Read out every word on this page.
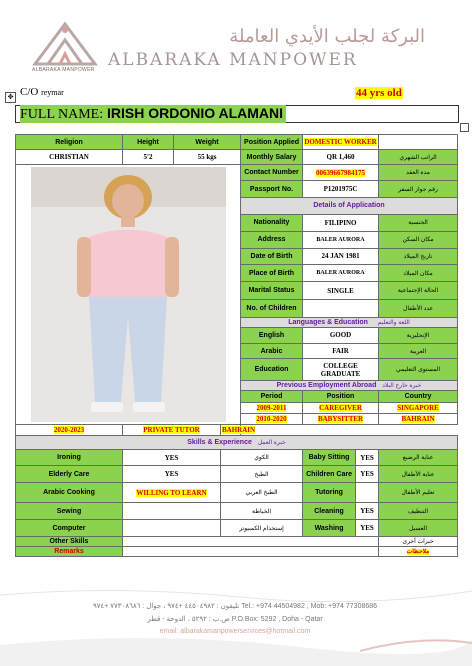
ALBARAKA MANPOWER
البركة لجلب الأيدي العاملة
ALBARAKA MANPOWER
✥ C/O reymar	44 yrs old
FULL NAME: IRISH ORDONIO ALAMANI
Religion	Height	Weight		Position Applied	DOMESTIC WORKER		
CHRISTIAN	5'2	55 kgs		Monthly Salary	QR 1,460		الراتب الشهري

	Contact Number	00639667984175		مدة العقد
				Passport No.	P1201975C		رقم جواز السفر
				Details of Application			
				Nationality	FILIPINO		الجنسية
				Address	BALER AURORA		مكان السكن
				Date of Birth	24 JAN 1981		تاريخ الميلاد
				Place of Birth	BALER AURORA		مكان الميلاد
				Marital Status	SINGLE		الحالة الإجتماعية
				No. of Children			عدد الأطفال
				Languages & Education اللغة والتعليم			
				English	GOOD		الإنجليزية
				Arabic	FAIR		العربية
				Education	COLLEGE GRADUATE		المستوى التعليمي
				Previous Employment Abroad خبرة خارج البلاد			
				Period	Position		Country
				2009-2011	CAREGIVER		SINGAPORE
				2010-2020	BABYSITTER		BAHRAIN
2020-2023	PRIVATE TUTOR		BAHRAIN				
Skills & Experience خبرة العمل							
Ironing	YES		الكوي		Baby Sitting	YES	عناية الرضيع
Elderly Care	YES		الطبخ		Children Care	YES	عناية الأطفال
Arabic Cooking	WILLING TO LEARN		الطبخ العربي		Tutoring		تعليم الأطفال
Sewing			الخياطة		Cleaning	YES	التنظيف
Computer			إستخدام الكمبيوتر		Washing	YES	الغسيل
Other Skills							خبرات أخرى
Remarks							ملاحظات
تليفون : ٤٤٥٠٤٩٨٢ +٩٧٤ ، جوال : ٧٧٣٠٨٦٨٦ +٩٧٤ Tel.: +974 44504982 , Mob: +974 77308686
ص.ب : ٥٢٩٢ ، الدوحة - قطر P.O.Box: 5292 , Doha - Qatar
email: albarakamanpowerservices@hotmail.com
